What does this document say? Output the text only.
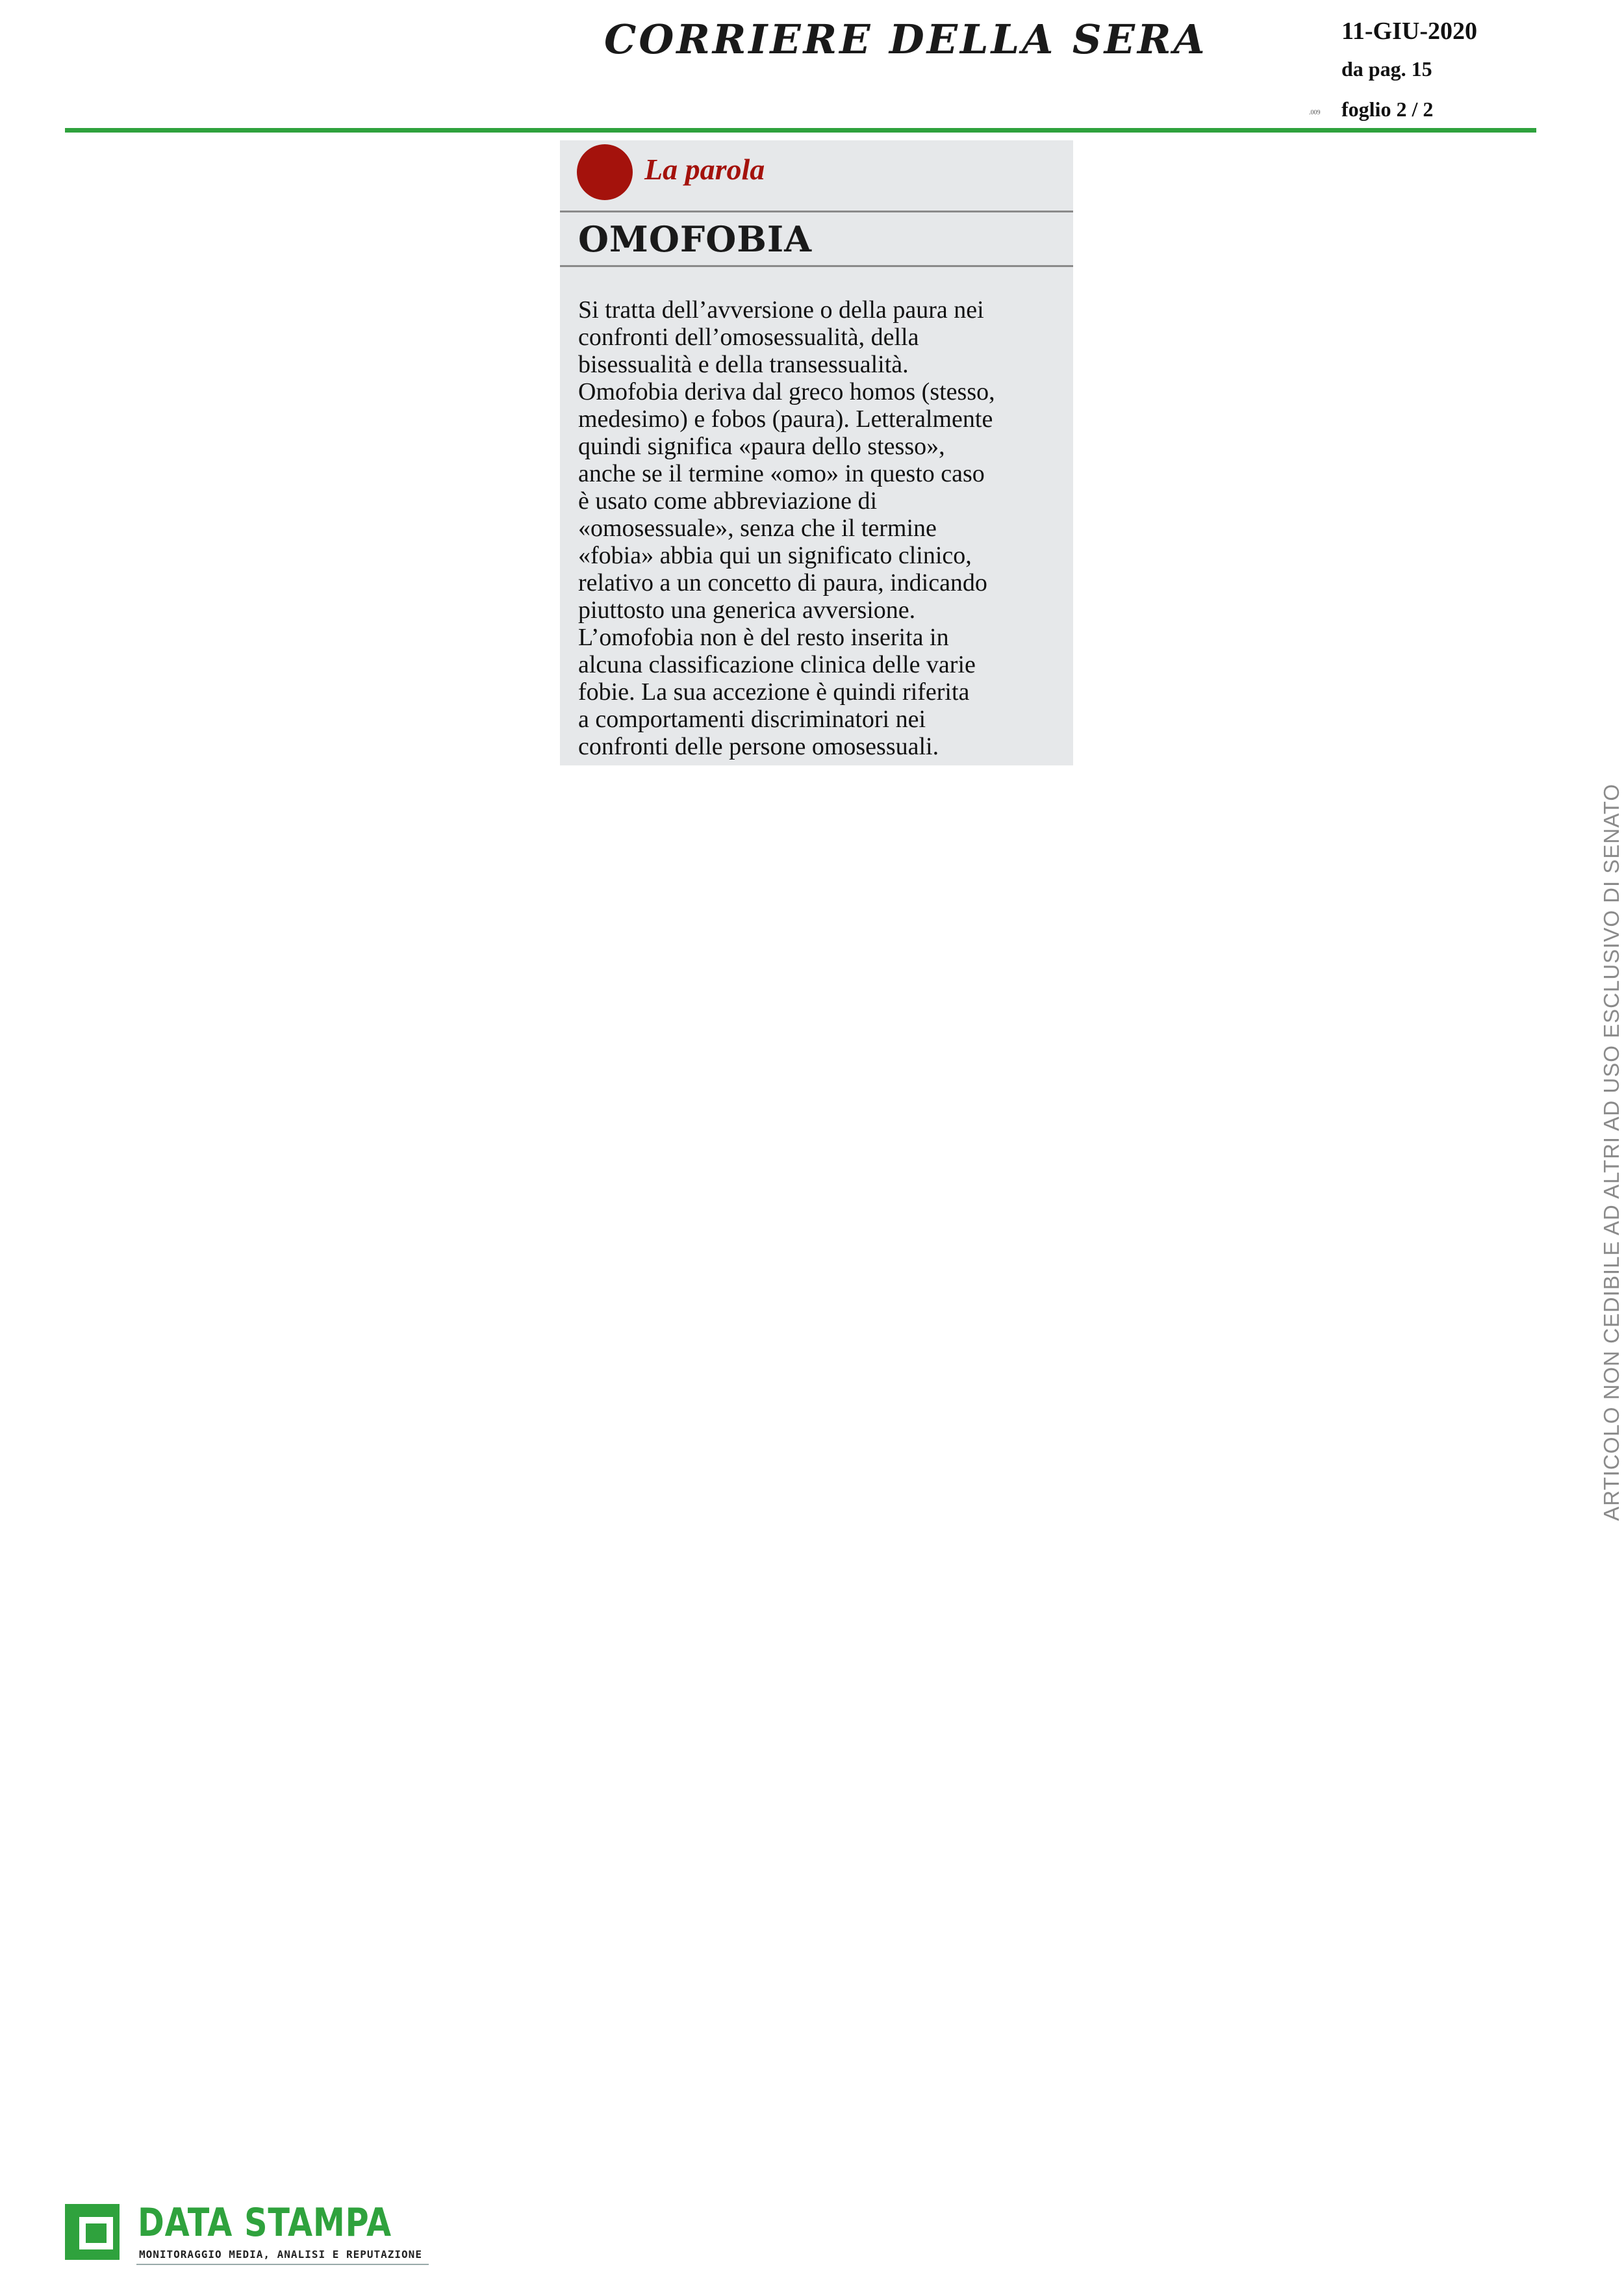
CORRIERE DELLA SERA	11-GIU-2020
da pag. 15
.009 foglio 2 / 2
La parola
OMOFOBIA
Si tratta dell’avversione o della paura nei
confronti dell’omosessualità, della
bisessualità e della transessualità.
Omofobia deriva dal greco homos (stesso,
medesimo) e fobos (paura). Letteralmente
quindi significa «paura dello stesso»,
anche se il termine «omo» in questo caso
è usato come abbreviazione di
«omosessuale», senza che il termine
«fobia» abbia qui un significato clinico,
relativo a un concetto di paura, indicando
piuttosto una generica avversione.
L’omofobia non è del resto inserita in
alcuna classificazione clinica delle varie
fobie. La sua accezione è quindi riferita
a comportamenti discriminatori nei
confronti delle persone omosessuali.
ARTICOLO NON CEDIBILE AD ALTRI AD USO ESCLUSIVO DI SENATO
DATA STAMPA
MONITORAGGIO MEDIA, ANALISI E REPUTAZIONE
